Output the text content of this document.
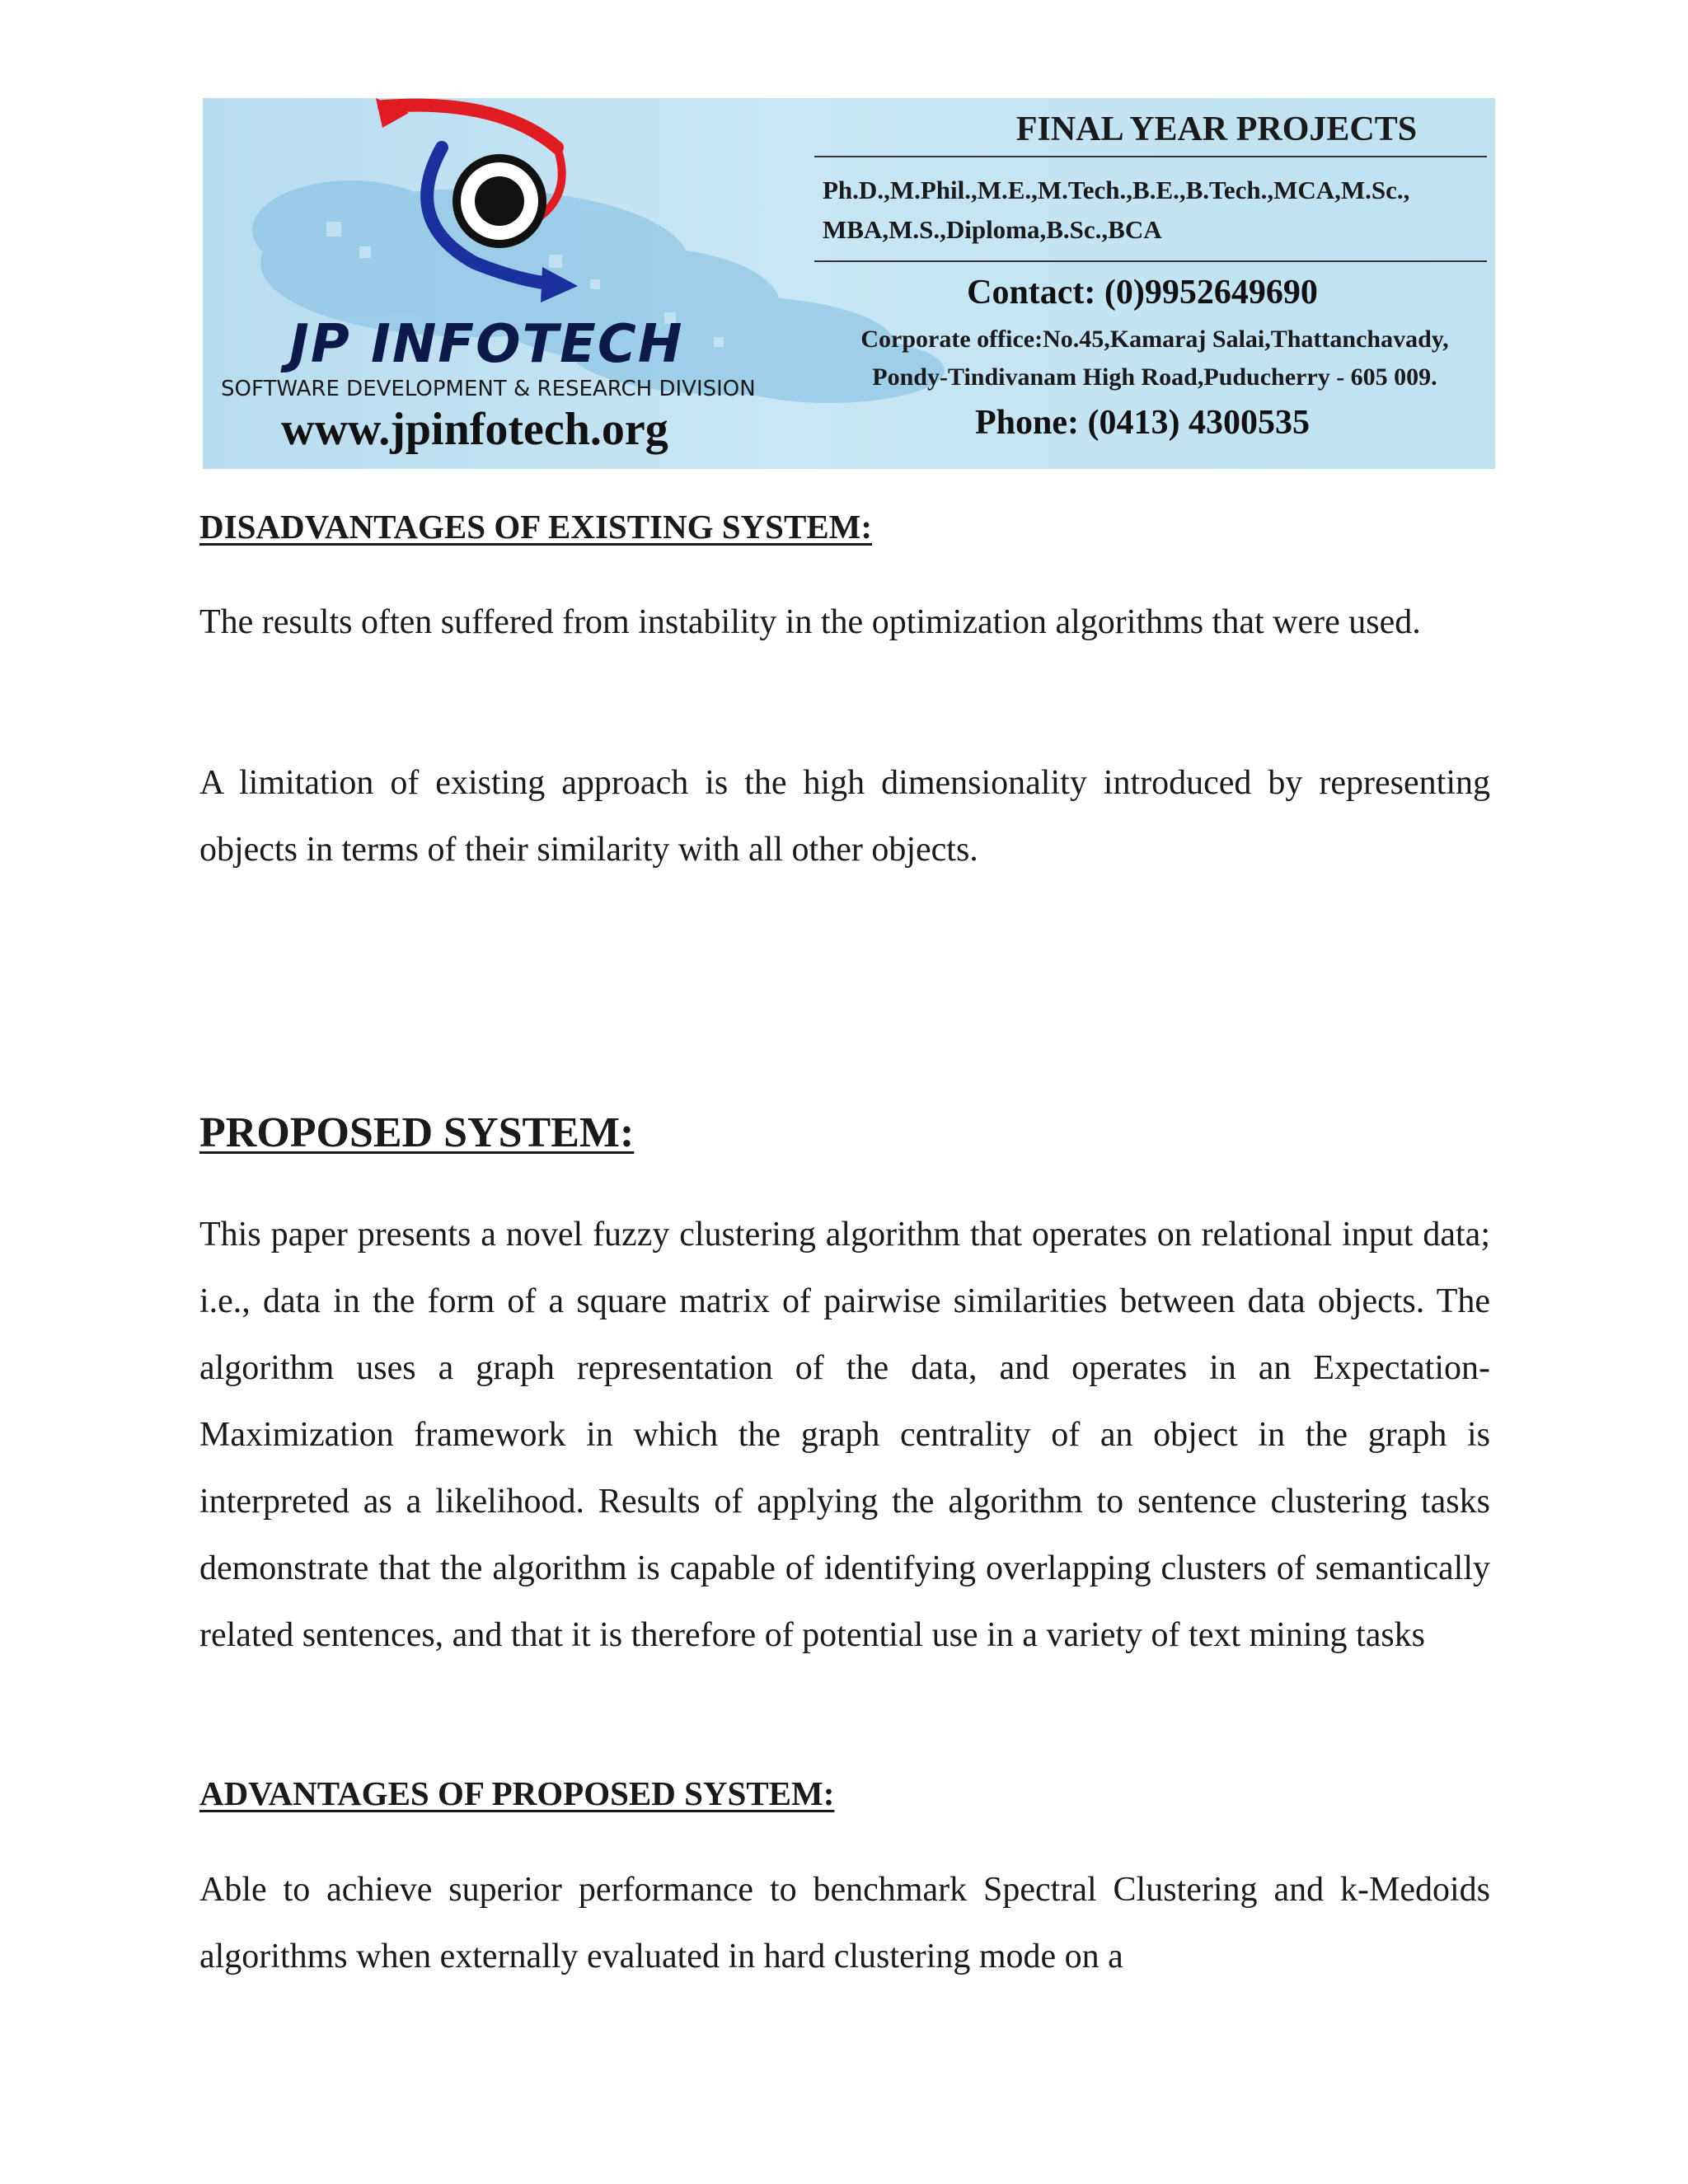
JP INFOTECH
SOFTWARE DEVELOPMENT & RESEARCH DIVISION
www.jpinfotech.org
FINAL YEAR PROJECTS
Ph.D.,M.Phil.,M.E.,M.Tech.,B.E.,B.Tech.,MCA,M.Sc.,
MBA,M.S.,Diploma,B.Sc.,BCA
Contact: (0)9952649690
Corporate office:No.45,Kamaraj Salai,Thattanchavady,
Pondy-Tindivanam High Road,Puducherry - 605 009.
Phone: (0413) 4300535
DISADVANTAGES OF EXISTING SYSTEM:
The results often suffered from instability in the optimization algorithms that were used.
A limitation of existing approach is the high dimensionality introduced by representing objects in terms of their similarity with all other objects.
PROPOSED SYSTEM:
This paper presents a novel fuzzy clustering algorithm that operates on relational input data; i.e., data in the form of a square matrix of pairwise similarities between data objects. The algorithm uses a graph representation of the data, and operates in an Expectation-Maximization framework in which the graph centrality of an object in the graph is interpreted as a likelihood. Results of applying the algorithm to sentence clustering tasks demonstrate that the algorithm is capable of identifying overlapping clusters of semantically related sentences, and that it is therefore of potential use in a variety of text mining tasks
ADVANTAGES OF PROPOSED SYSTEM:
Able to achieve superior performance to benchmark Spectral Clustering and k-Medoids algorithms when externally evaluated in hard clustering mode on a
